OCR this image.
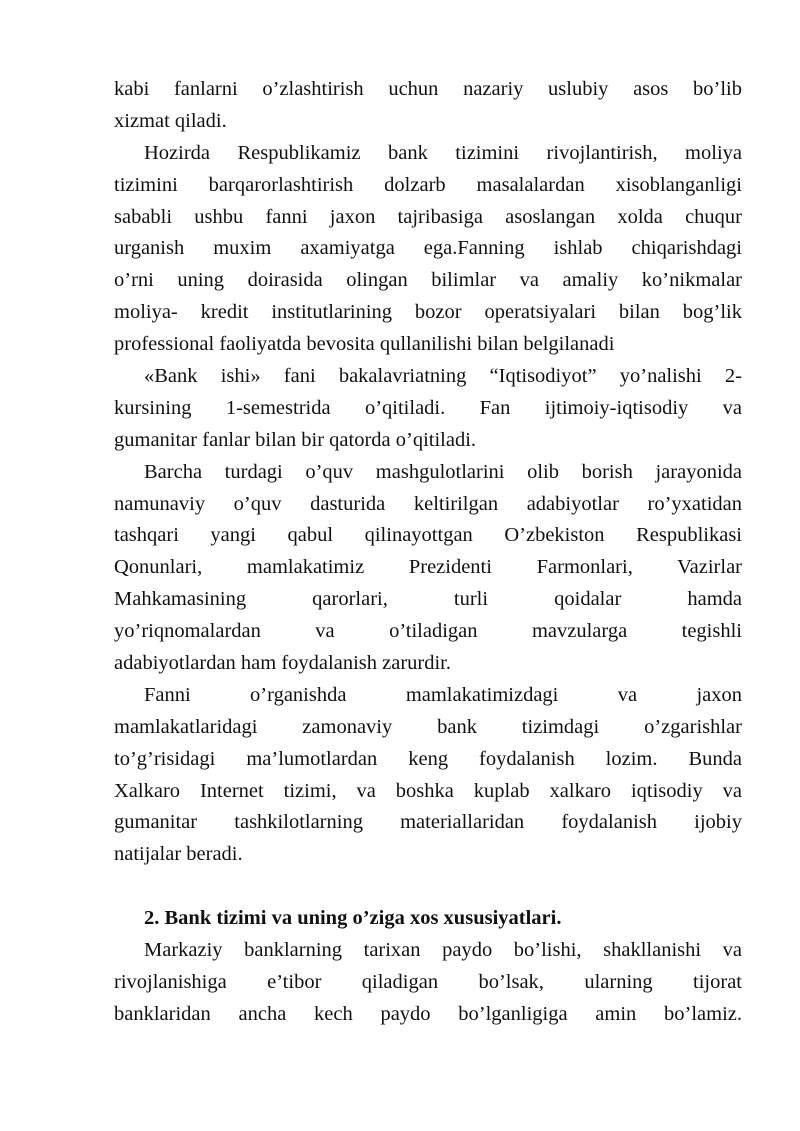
kabi fanlarni o’zlashtirish uchun nazariy uslubiy asos bo’lib
xizmat qiladi.
Hozirda Respublikamiz bank tizimini rivojlantirish, moliya
tizimini barqarorlashtirish dolzarb masalalardan xisoblanganligi
sababli ushbu fanni jaxon tajribasiga asoslangan xolda chuqur
urganish muxim axamiyatga ega.Fanning ishlab chiqarishdagi
o’rni uning doirasida olingan bilimlar va amaliy ko’nikmalar
moliya- kredit institutlarining bozor operatsiyalari bilan bog’lik
professional faoliyatda bevosita qullanilishi bilan belgilanadi
«Bank ishi» fani bakalavriatning “Iqtisodiyot” yo’nalishi 2-
kursining 1-semestrida o’qitiladi. Fan ijtimoiy-iqtisodiy va
gumanitar fanlar bilan bir qatorda o’qitiladi.
Barcha turdagi o’quv mashgulotlarini olib borish jarayonida
namunaviy o’quv dasturida keltirilgan adabiyotlar ro’yxatidan
tashqari yangi qabul qilinayottgan O’zbekiston Respublikasi
Qonunlari, mamlakatimiz Prezidenti Farmonlari, Vazirlar
Mahkamasining qarorlari, turli qoidalar hamda
yo’riqnomalardan va o’tiladigan mavzularga tegishli
adabiyotlardan ham foydalanish zarurdir.
Fanni o’rganishda mamlakatimizdagi va jaxon
mamlakatlaridagi zamonaviy bank tizimdagi o’zgarishlar
to’g’risidagi ma’lumotlardan keng foydalanish lozim. Bunda
Xalkaro Internet tizimi, va boshka kuplab xalkaro iqtisodiy va
gumanitar tashkilotlarning materiallaridan foydalanish ijobiy
natijalar beradi.
2. Bank tizimi va uning o’ziga xos xususiyatlari.
Markaziy banklarning tarixan paydo bo’lishi, shakllanishi va
rivojlanishiga e’tibor qiladigan bo’lsak, ularning tijorat
banklaridan ancha kech paydo bo’lganligiga amin bo’lamiz.
